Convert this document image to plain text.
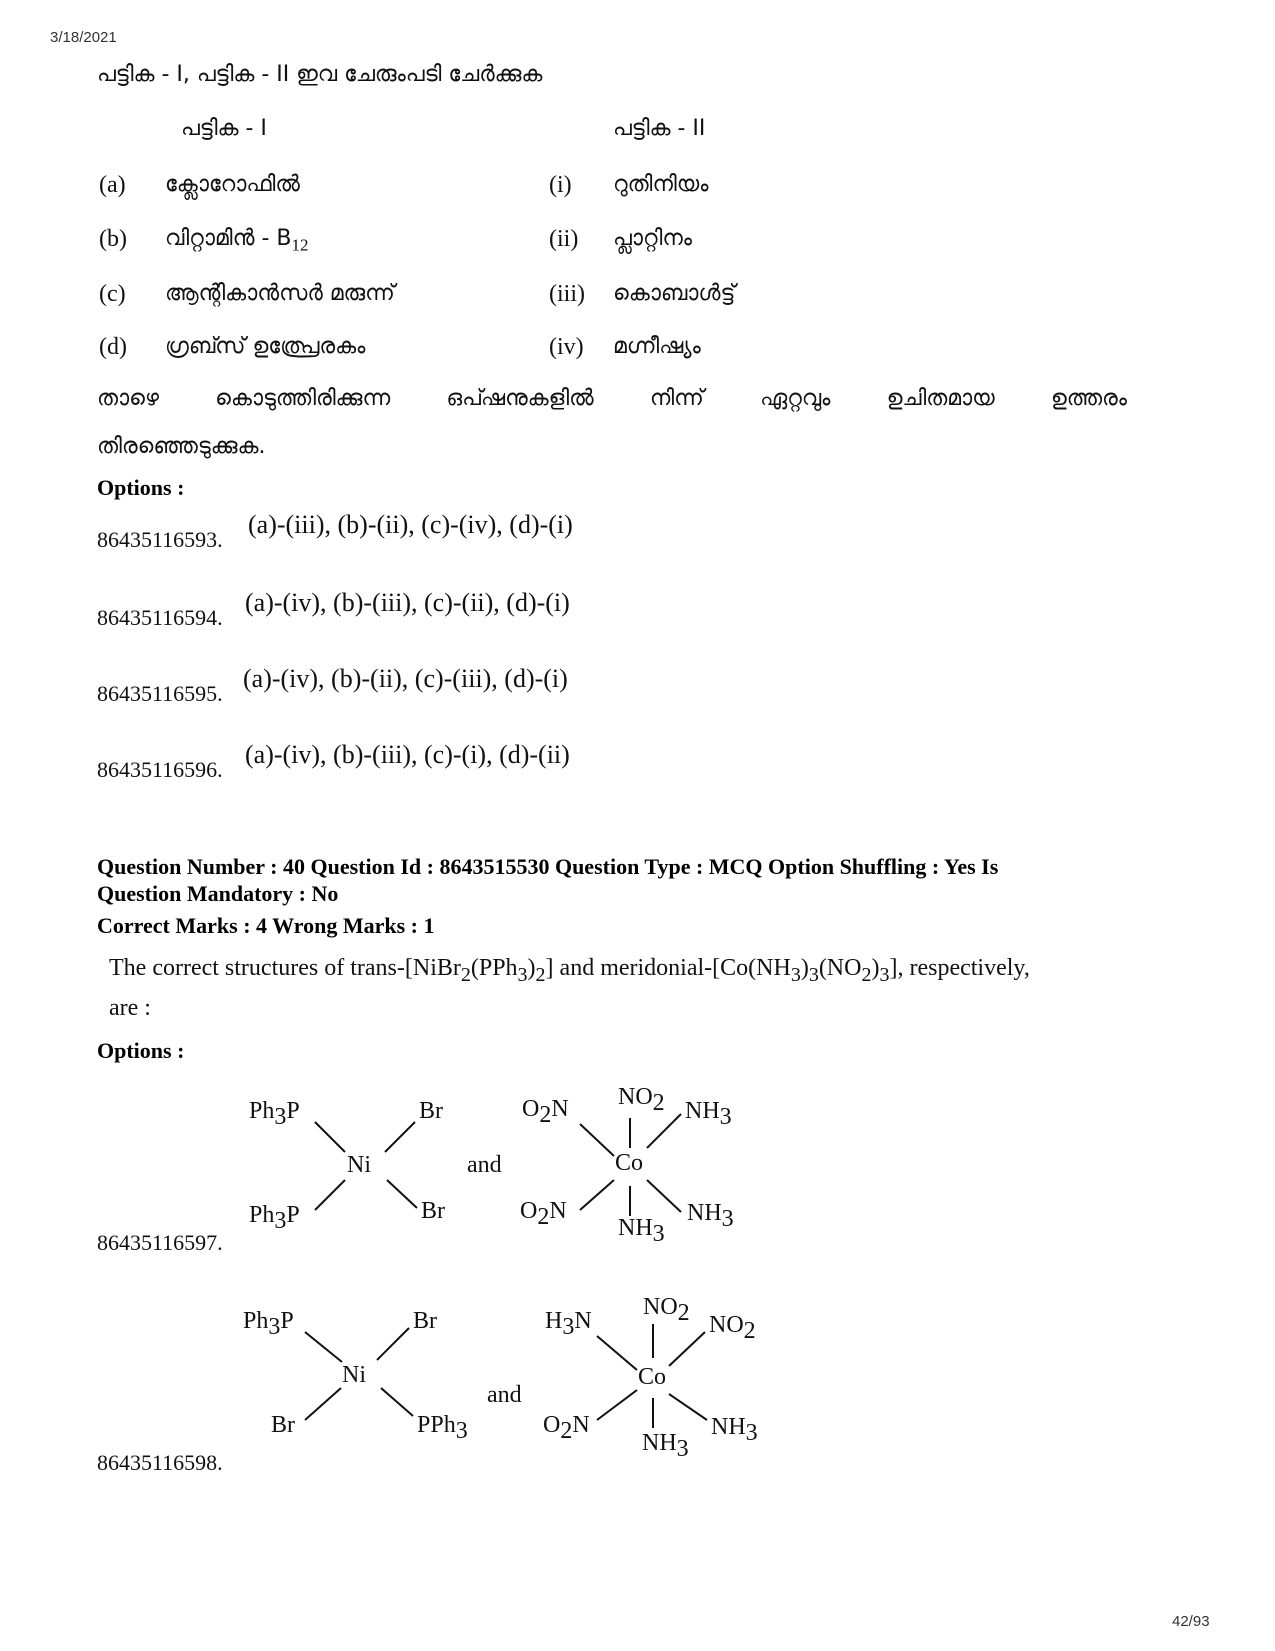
3/18/2021
42/93
പട്ടിക - I, പട്ടിക - II ഇവ ചേരുംപടി ചേർക്കുക
പട്ടിക - I	പട്ടിക - II
(a) ക്ലോറോഫിൽ	(i) റുതിനിയം
(b) വിറ്റാമിൻ - $B_{12}$	(ii) പ്ലാറ്റിനം
(c) ആന്റികാൻസർ മരുന്ന്	(iii) കൊബാൾട്ട്
(d) ഗ്രബ്സ് ഉത്പ്രേരകം	(iv) മഗ്നീഷ്യം
താഴെ കൊടുത്തിരിക്കുന്ന ഒപ്ഷനുകളിൽ നിന്ന് ഏറ്റവും ഉചിതമായ ഉത്തരം
തിരഞ്ഞെടുക്കുക.
Options :
86435116593.
(a)-(iii), (b)-(ii), (c)-(iv), (d)-(i)
86435116594.
(a)-(iv), (b)-(iii), (c)-(ii), (d)-(i)
86435116595.
(a)-(iv), (b)-(ii), (c)-(iii), (d)-(i)
86435116596.
(a)-(iv), (b)-(iii), (c)-(i), (d)-(ii)
Question Number : 40 Question Id : 8643515530 Question Type : MCQ Option Shuffling : Yes Is
Question Mandatory : No
Correct Marks : 4 Wrong Marks : 1
The correct structures of trans-$[NiBr_2(PPh_3)_2]$ and meridonial-$[Co(NH_3)_3(NO_2)_3]$, respectively,
are :
Options :
86435116597.
Ph3P	Br
Ni
Ph3P	Br
and
O2N NO2 NH3
Co
O2N
NH3
NH3
86435116598.
Ph3P	Br
Ni
Br	PPh3
and
H3N
NO2 NO2
Co
O2N
NH3
NH3
